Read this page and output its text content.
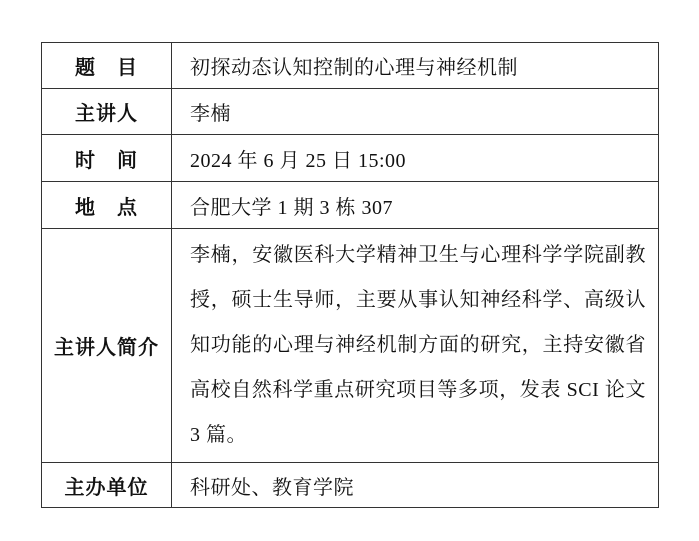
题　目	初探动态认知控制的心理与神经机制
主讲人	李楠
时　间	2024 年 6 月 25 日 15:00
地　点	合肥大学 1 期 3 栋 307
主讲人简介	李楠，安徽医科大学精神卫生与心理科学学院副教授，硕士生导师，主要从事认知神经科学、高级认知功能的心理与神经机制方面的研究，主持安徽省高校自然科学重点研究项目等多项，发表 SCI 论文 3 篇。
主办单位	科研处、教育学院
